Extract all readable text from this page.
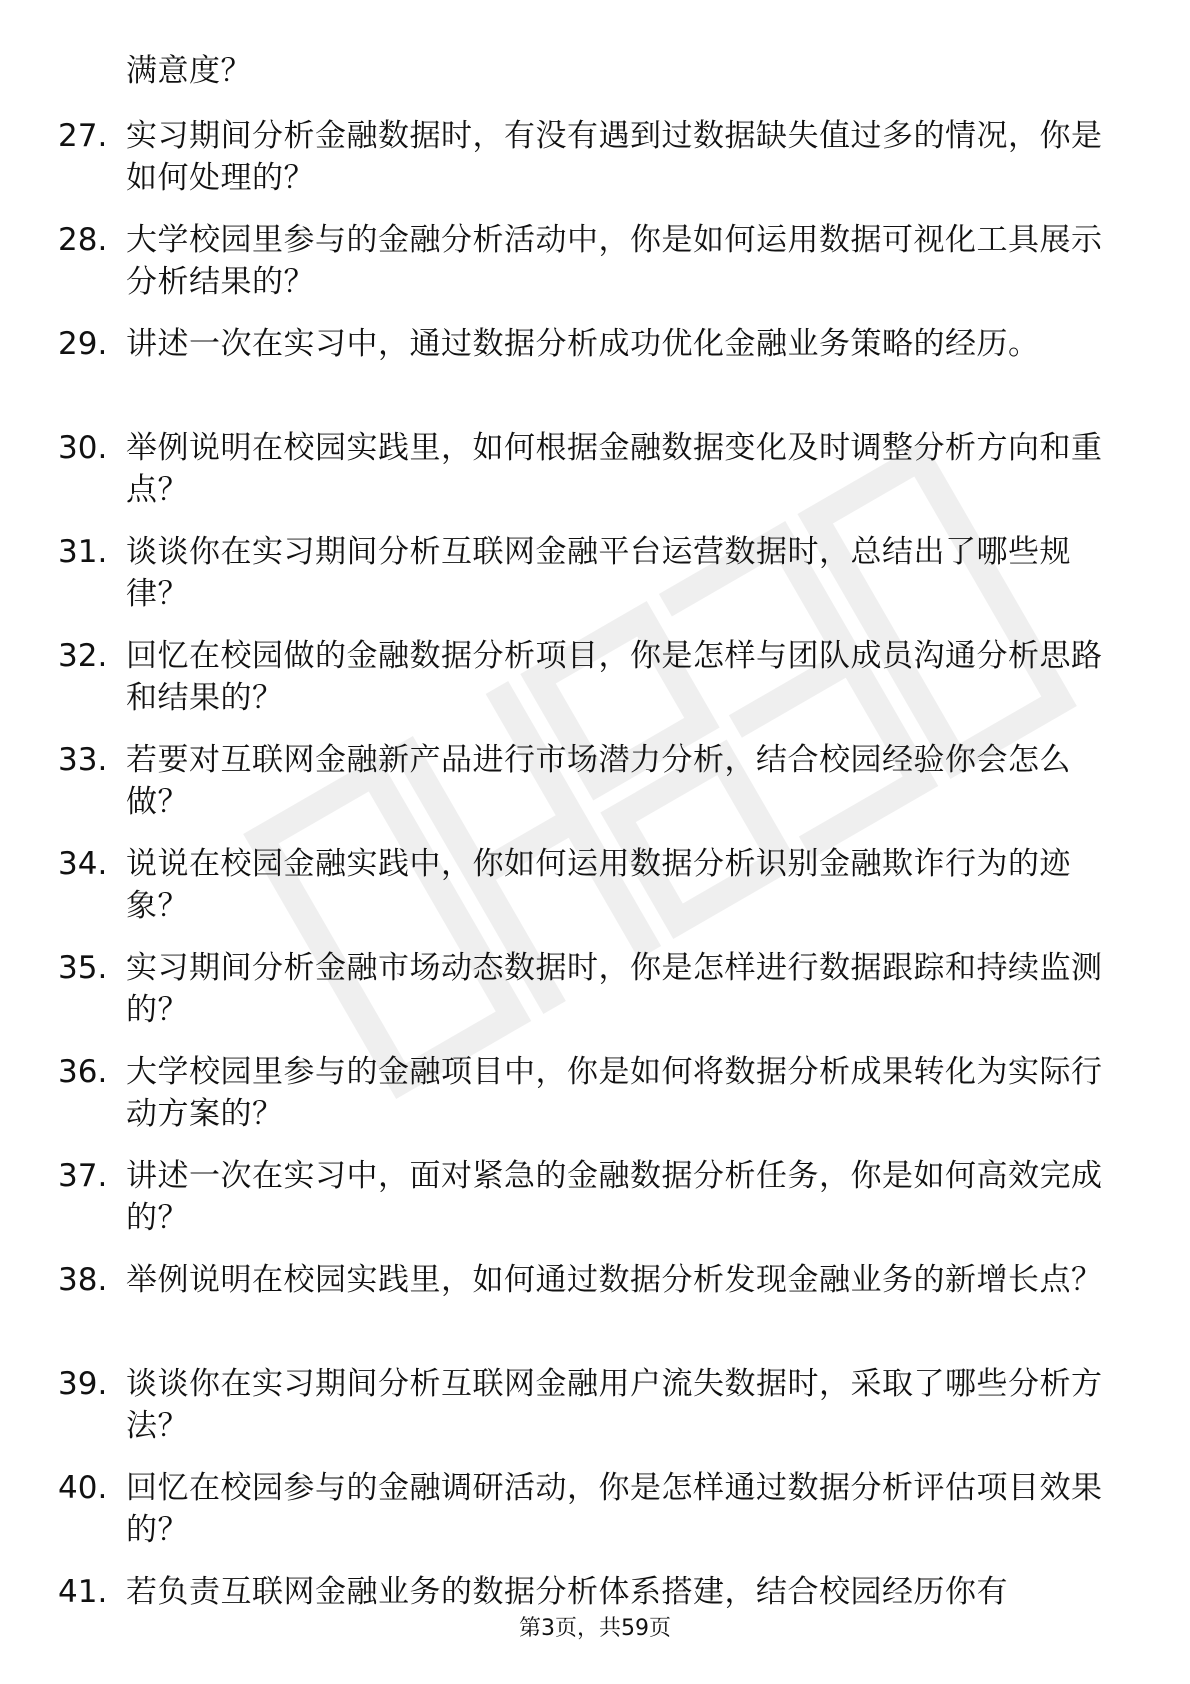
满意度？
27. 实习期间分析金融数据时，有没有遇到过数据缺失值过多的情况，你是如何处理的？
28. 大学校园里参与的金融分析活动中，你是如何运用数据可视化工具展示分析结果的？
29. 讲述一次在实习中，通过数据分析成功优化金融业务策略的经历。
30. 举例说明在校园实践里，如何根据金融数据变化及时调整分析方向和重点？
31. 谈谈你在实习期间分析互联网金融平台运营数据时，总结出了哪些规律？
32. 回忆在校园做的金融数据分析项目，你是怎样与团队成员沟通分析思路和结果的？
33. 若要对互联网金融新产品进行市场潜力分析，结合校园经验你会怎么做？
34. 说说在校园金融实践中，你如何运用数据分析识别金融欺诈行为的迹象？
35. 实习期间分析金融市场动态数据时，你是怎样进行数据跟踪和持续监测的？
36. 大学校园里参与的金融项目中，你是如何将数据分析成果转化为实际行动方案的？
37. 讲述一次在实习中，面对紧急的金融数据分析任务，你是如何高效完成的？
38. 举例说明在校园实践里，如何通过数据分析发现金融业务的新增长点？
39. 谈谈你在实习期间分析互联网金融用户流失数据时，采取了哪些分析方法？
40. 回忆在校园参与的金融调研活动，你是怎样通过数据分析评估项目效果的？
41. 若负责互联网金融业务的数据分析体系搭建，结合校园经历你有
第3页，共59页
